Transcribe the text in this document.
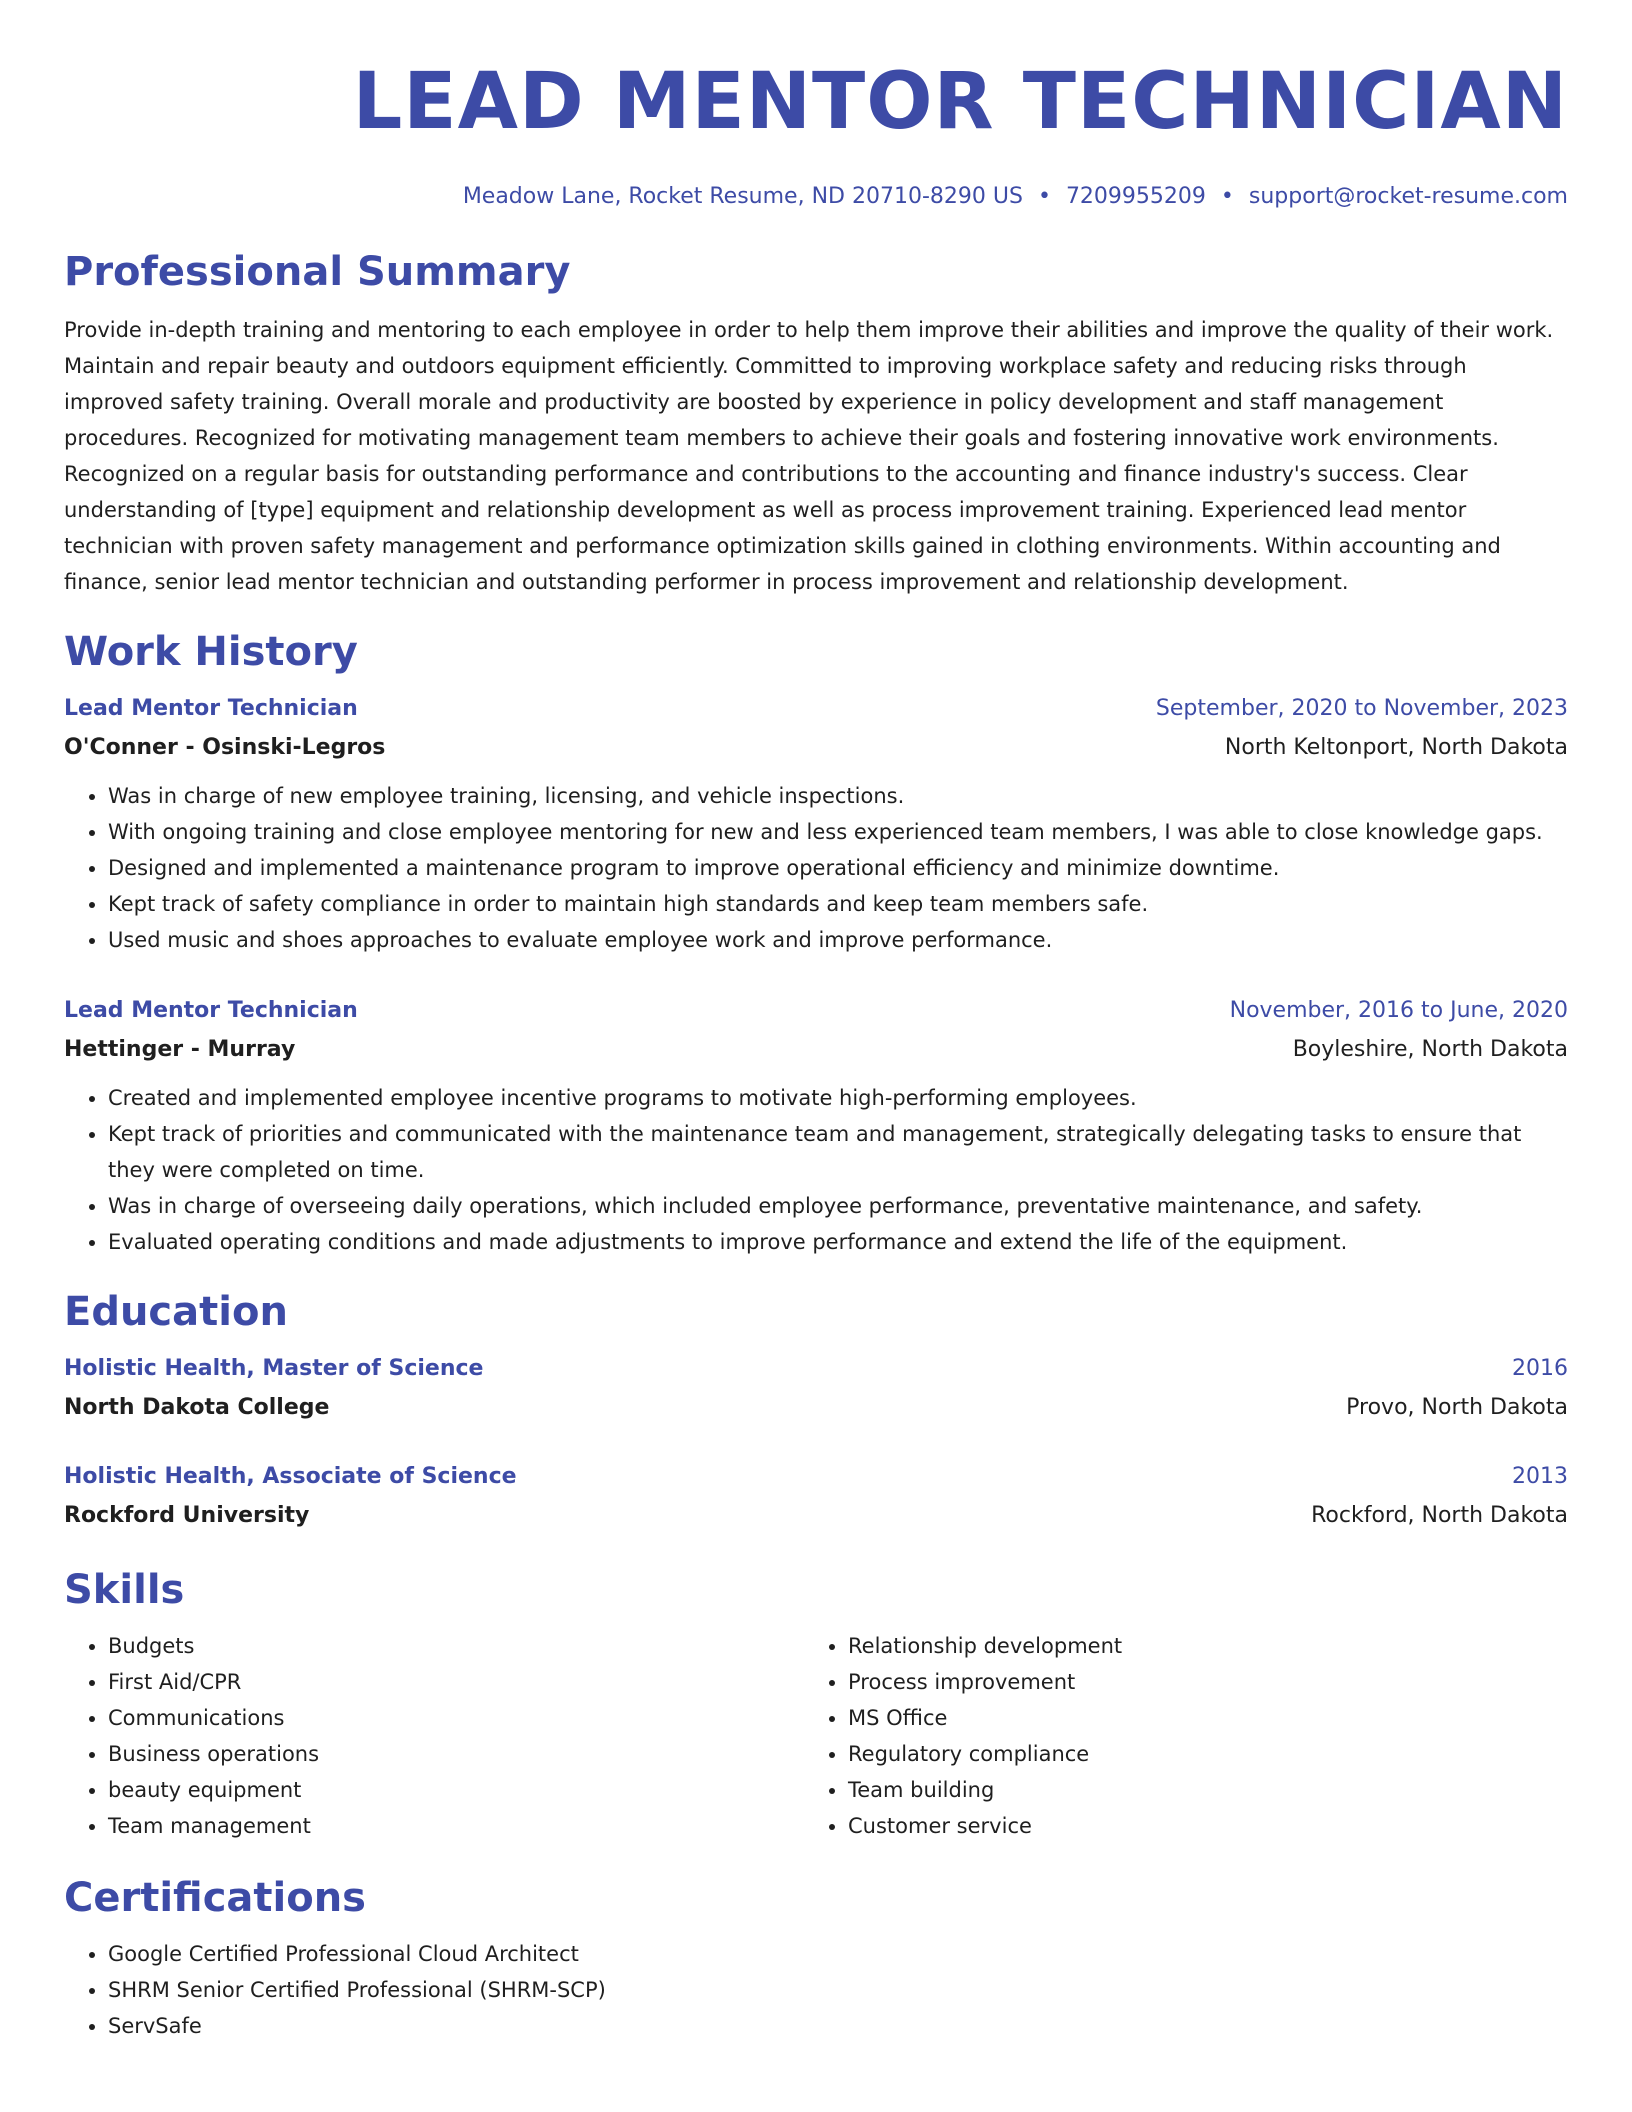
LEAD MENTOR TECHNICIAN
Meadow Lane, Rocket Resume, ND 20710-8290 US • 7209955209 • support@rocket-resume.com
Professional Summary

Provide in-depth training and mentoring to each employee in order to help them improve their abilities and improve the quality of their work. Maintain and repair beauty and outdoors equipment efficiently. Committed to improving workplace safety and reducing risks through improved safety training. Overall morale and productivity are boosted by experience in policy development and staff management procedures. Recognized for motivating management team members to achieve their goals and fostering innovative work environments. Recognized on a regular basis for outstanding performance and contributions to the accounting and finance industry's success. Clear understanding of [type] equipment and relationship development as well as process improvement training. Experienced lead mentor technician with proven safety management and performance optimization skills gained in clothing environments. Within accounting and finance, senior lead mentor technician and outstanding performer in process improvement and relationship development.

Work History
Lead Mentor Technician	September, 2020 to November, 2023
O'Conner - Osinski-Legros	North Keltonport, North Dakota
• Was in charge of new employee training, licensing, and vehicle inspections.
• With ongoing training and close employee mentoring for new and less experienced team members, I was able to close knowledge gaps.
• Designed and implemented a maintenance program to improve operational efficiency and minimize downtime.
• Kept track of safety compliance in order to maintain high standards and keep team members safe.
• Used music and shoes approaches to evaluate employee work and improve performance.
Lead Mentor Technician	November, 2016 to June, 2020
Hettinger - Murray	Boyleshire, North Dakota
• Created and implemented employee incentive programs to motivate high-performing employees.
• Kept track of priorities and communicated with the maintenance team and management, strategically delegating tasks to ensure that they were completed on time.
• Was in charge of overseeing daily operations, which included employee performance, preventative maintenance, and safety.
• Evaluated operating conditions and made adjustments to improve performance and extend the life of the equipment.
Education
Holistic Health, Master of Science	2016
North Dakota College	Provo, North Dakota
Holistic Health, Associate of Science	2013
Rockford University	Rockford, North Dakota
Skills
• Budgets
• First Aid/CPR
• Communications
• Business operations
• beauty equipment
• Team management
• Relationship development
• Process improvement
• MS Office
• Regulatory compliance
• Team building
• Customer service
Certifications
• Google Certified Professional Cloud Architect
• SHRM Senior Certified Professional (SHRM-SCP)
• ServSafe
